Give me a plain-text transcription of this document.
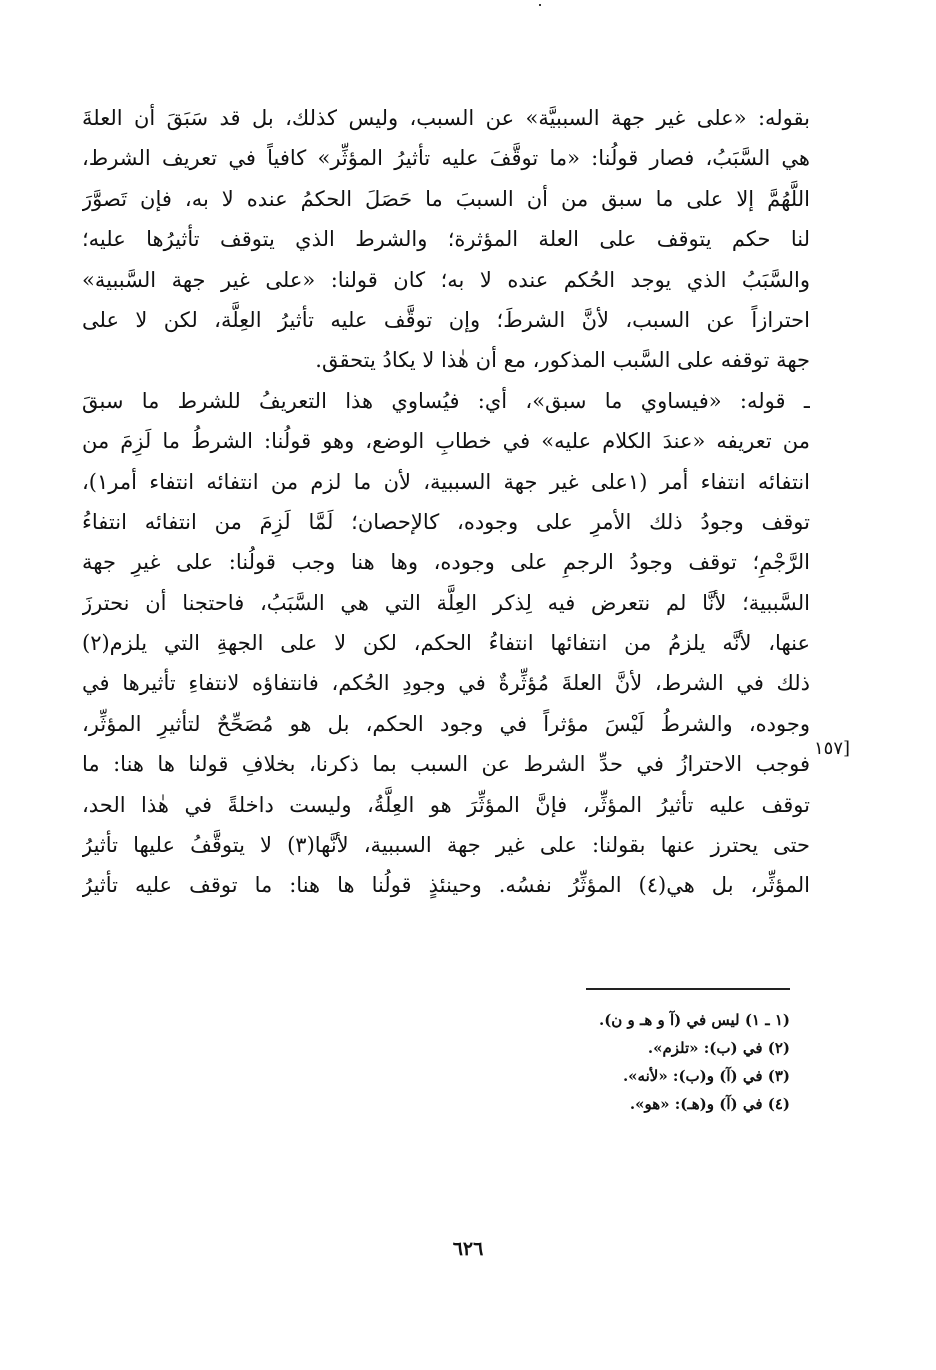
بقوله: «على غير جهة السببيَّة» عن السبب، وليس كذلك، بل قد سَبَقَ أن العلةَ
هي السَّبَبُ، فصار قولُنا: «ما توقَّفَ عليه تأثيرُ المؤثِّر» كافياً في تعريف الشرط،
اللَّهُمَّ إلا على ما سبق من أن السببَ ما حَصَلَ الحكمُ عنده لا به، فإن تَصوَّرَ
لنا حكم يتوقف على العلة المؤثرة؛ والشرط الذي يتوقف تأثيرُها عليه؛
والسَّبَبُ الذي يوجد الحُكم عنده لا به؛ كان قولنا: «على غير جهة السَّببية»
احترازاً عن السبب، لأنَّ الشرطَ؛ وإن توقَّف عليه تأثيرُ العِلَّة، لكن لا على
جهة توقفه على السَّبب المذكور، مع أن هٰذا لا يكادُ يتحقق.
ـ قوله: «فيساوي ما سبق»، أي: فيُساوي هذا التعريفُ للشرط ما سبقَ
من تعريفه «عندَ الكلام عليه» في خطابِ الوضع، وهو قولُنا: الشرطُ ما لَزِمَ من
انتفائه انتفاء أمر (١على غير جهة السببية، لأن ما لزم من انتفائه انتفاء أمر١)،
توقف وجودُ ذلك الأمرِ على وجوده، كالإحصان؛ لَمَّا لَزِمَ من انتفائه انتفاءُ
الرَّجْمِ؛ توقف وجودُ الرجمِ على وجوده، وها هنا وجب قولُنا: على غيرِ جهة
السَّببية؛ لأنَّا لم نتعرض فيه لِذكر العِلَّة التي هي السَّبَبُ، فاحتجنا أن نحترزَ
عنها، لأنَّه يلزمُ من انتفائها انتفاءُ الحكم، لكن لا على الجهةِ التي يلزم(٢)
ذلك في الشرط، لأنَّ العلةَ مُؤثِّرةٌ في وجودِ الحُكم، فانتفاؤه لانتفاءِ تأثيرها في
وجوده، والشرطُ لَيْسَ مؤثراً في وجود الحكم، بل هو مُصَحِّحٌ لتأثيرِ المؤثِّر،
فوجب الاحترازُ في حدِّ الشرط عن السبب بما ذكرنا، بخلافِ قولنا ها هنا: ما
توقف عليه تأثيرُ المؤثِّر، فإنَّ المؤثِّرَ هو العِلَّةُ، وليست داخلةً في هٰذا الحد،
حتى يحترز عنها بقولنا: على غير جهة السببية، لأنَّها(٣) لا يتوقَّفُ عليها تأثيرُ
المؤثِّر، بل هي(٤) المؤثِّرُ نفسُه. وحينئذٍ قولُنا ها هنا: ما توقف عليه تأثيرُ
[١٥٧
(١ ـ ١) ليس في (آ و هـ و ن).
(٢) في (ب): «تلزم».
(٣) في (آ) و(ب): «لأنه».
(٤) في (آ) و(هـ): «هو».
٦٢٦
